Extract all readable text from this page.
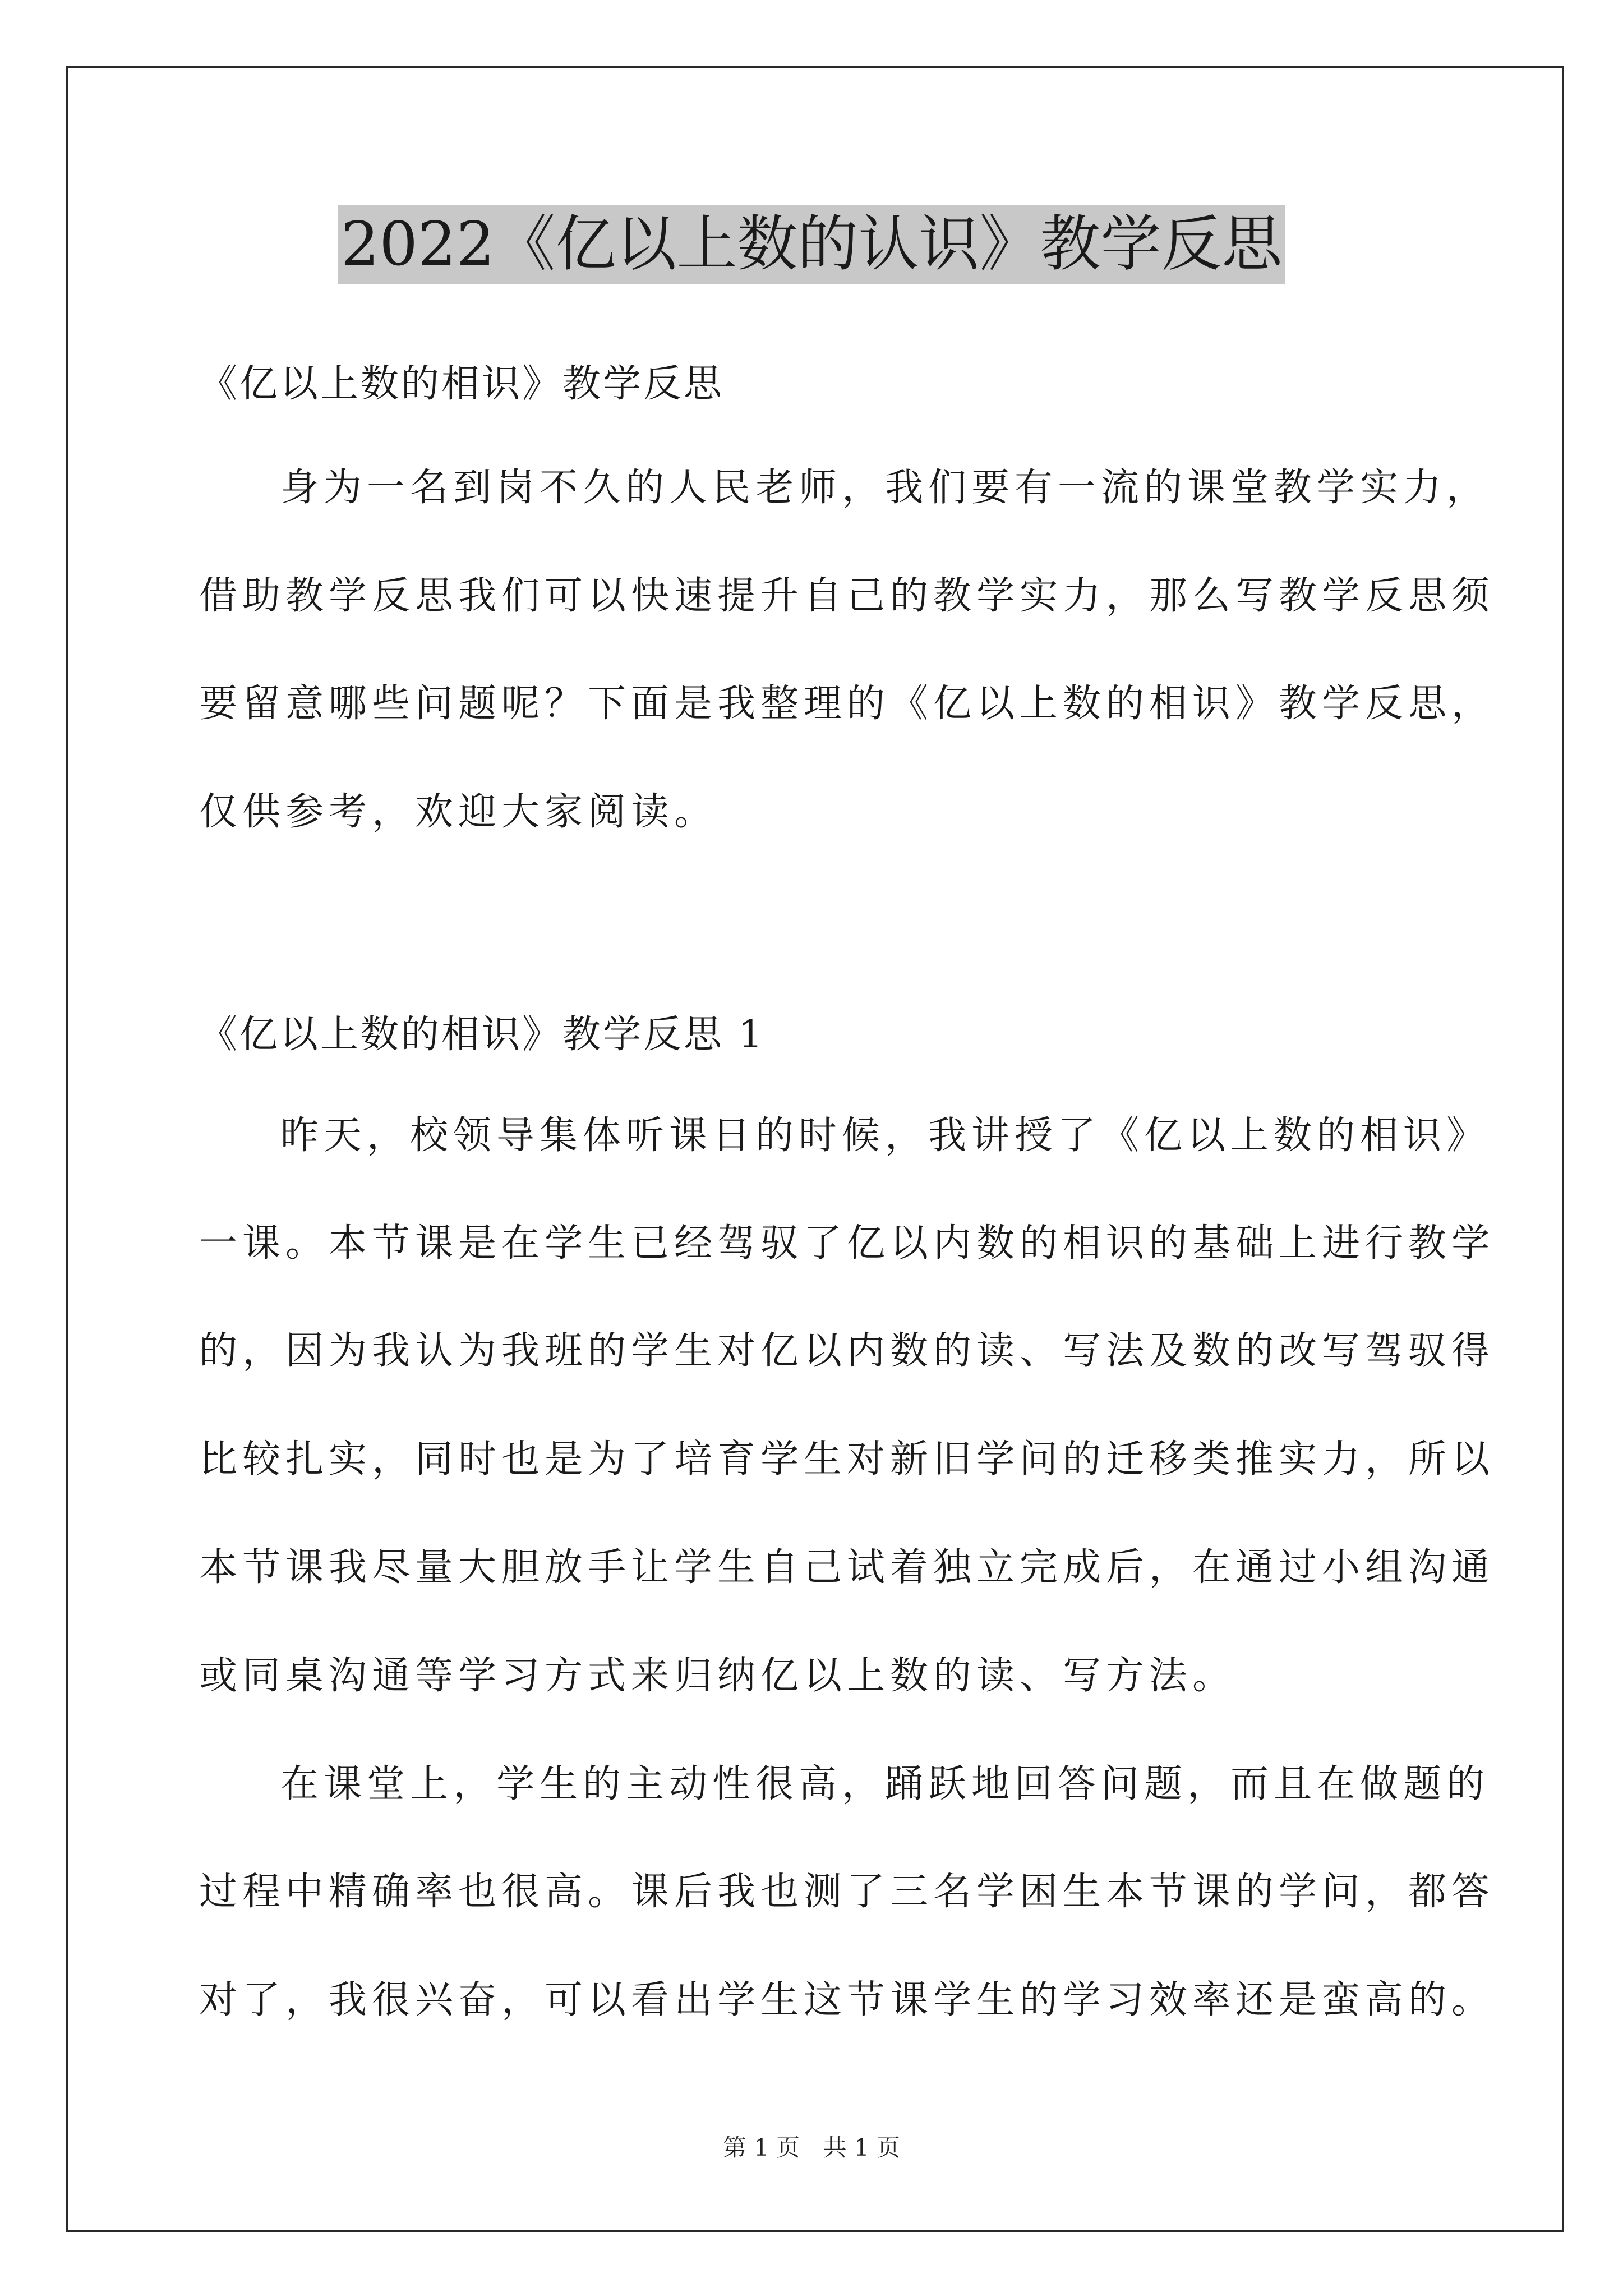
2022《亿以上数的认识》教学反思
《亿以上数的相识》教学反思
身为一名到岗不久的人民老师，我们要有一流的课堂教学实力，
借助教学反思我们可以快速提升自己的教学实力，那么写教学反思须
要留意哪些问题呢？下面是我整理的《亿以上数的相识》教学反思，
仅供参考，欢迎大家阅读。
《亿以上数的相识》教学反思 1
昨天，校领导集体听课日的时候，我讲授了《亿以上数的相识》
一课。本节课是在学生已经驾驭了亿以内数的相识的基础上进行教学
的，因为我认为我班的学生对亿以内数的读、写法及数的改写驾驭得
比较扎实，同时也是为了培育学生对新旧学问的迁移类推实力，所以
本节课我尽量大胆放手让学生自己试着独立完成后，在通过小组沟通
或同桌沟通等学习方式来归纳亿以上数的读、写方法。
在课堂上，学生的主动性很高，踊跃地回答问题，而且在做题的
过程中精确率也很高。课后我也测了三名学困生本节课的学问，都答
对了，我很兴奋，可以看出学生这节课学生的学习效率还是蛮高的。
第 1 页 共 1 页
